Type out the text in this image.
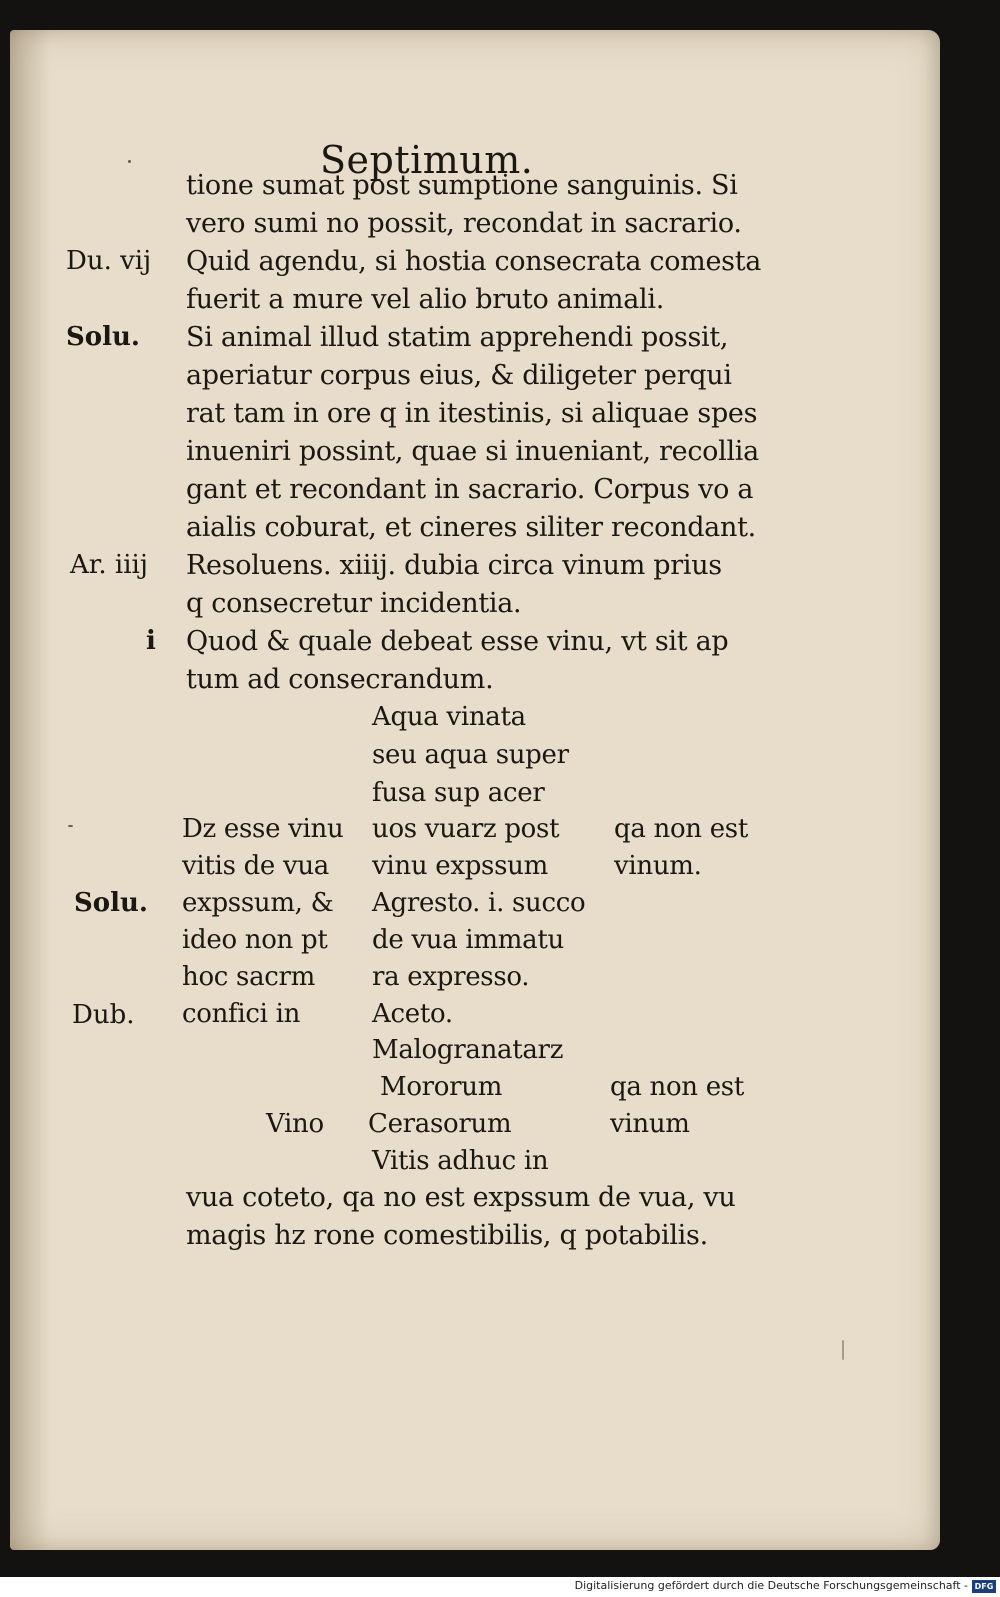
Septimum.
tione sumat post sumptione sanguinis. Si
vero sumi no possit, recondat in sacrario.
Quid agendu, si hostia consecrata comesta
fuerit a mure vel alio bruto animali.
Si animal illud statim apprehendi possit,
aperiatur corpus eius, & diligeter perqui
rat tam in ore q in itestinis, si aliquae spes
inueniri possint, quae si inueniant, recollia
gant et recondant in sacrario. Corpus vo a
aialis coburat, et cineres siliter recondant.
Resoluens. xiiij. dubia circa vinum prius
q consecretur incidentia.
Quod & quale debeat esse vinu, vt sit ap
tum ad consecrandum.
Du. vij
Solu.
Ar. iiij
i
Solu.
Dub.
Dz esse vinu
vitis de vua
expssum, &
ideo non pt
hoc sacrm
confici in
Aqua vinata
seu aqua super
fusa sup acer
uos vuarz post
vinu expssum
Agresto. i. succo
de vua immatu
ra expresso.
Aceto.
Malogranatarz
Mororum
Cerasorum
Vitis adhuc in
Vino
qa non est
vinum.
qa non est
vinum
vua coteto, qa no est expssum de vua, vu
magis hz rone comestibilis, q potabilis.
Digitalisierung gefördert durch die Deutsche Forschungsgemeinschaft - DFG
